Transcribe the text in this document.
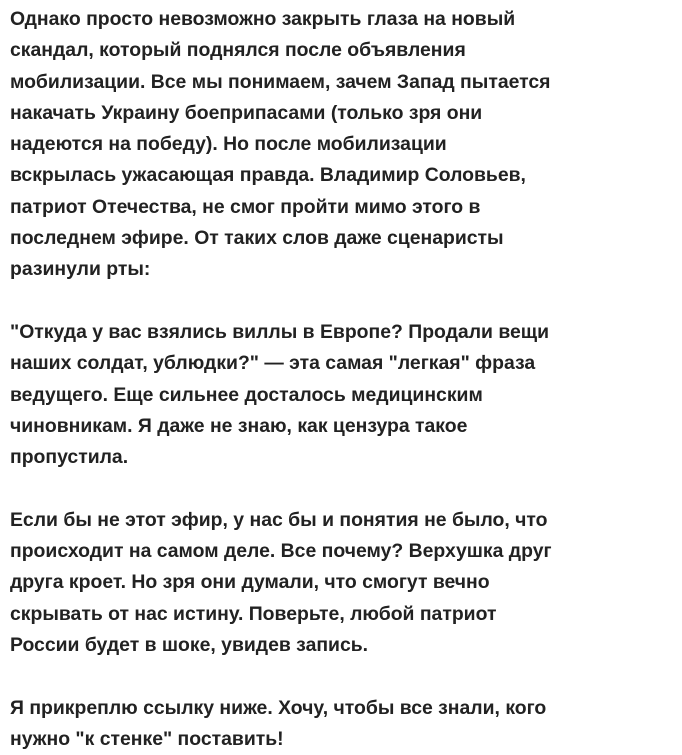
Однако просто невозможно закрыть глаза на новый
скандал, который поднялся после объявления
мобилизации. Все мы понимаем, зачем Запад пытается
накачать Украину боеприпасами (только зря они
надеются на победу). Но после мобилизации
вскрылась ужасающая правда. Владимир Соловьев,
патриот Отечества, не смог пройти мимо этого в
последнем эфире. От таких слов даже сценаристы
разинули рты:

"Откуда у вас взялись виллы в Европе? Продали вещи
наших солдат, ублюдки?" — эта самая "легкая" фраза
ведущего. Еще сильнее досталось медицинским
чиновникам. Я даже не знаю, как цензура такое
пропустила.

Если бы не этот эфир, у нас бы и понятия не было, что
происходит на самом деле. Все почему? Верхушка друг
друга кроет. Но зря они думали, что смогут вечно
скрывать от нас истину. Поверьте, любой патриот
России будет в шоке, увидев запись.

Я прикреплю ссылку ниже. Хочу, чтобы все знали, кого
нужно "к стенке" поставить!
